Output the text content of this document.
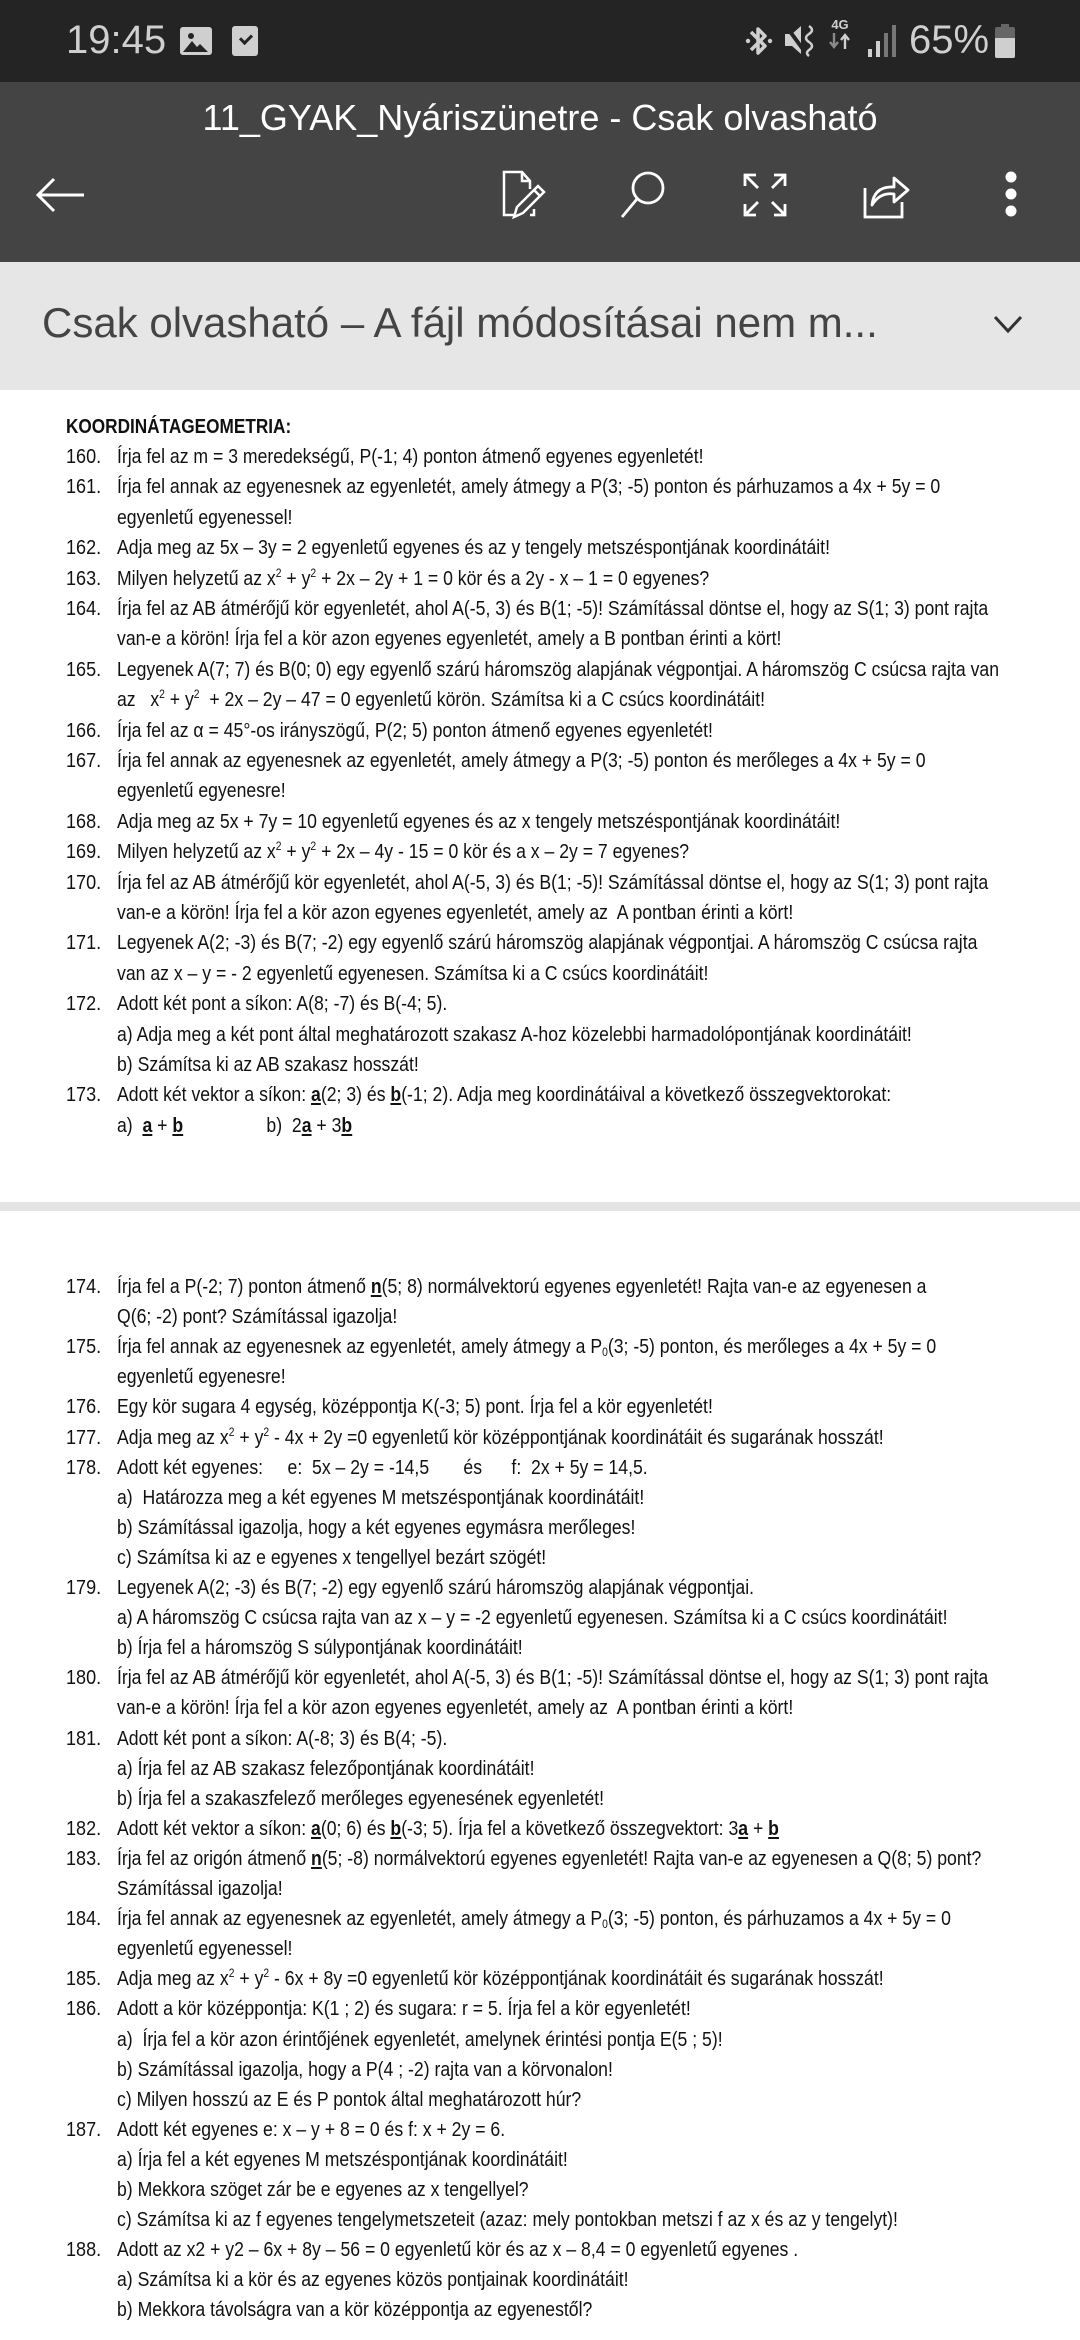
19:45	4G 65%
11_GYAK_Nyáriszünetre - Csak olvasható
Csak olvasható – A fájl módosításai nem m...
KOORDINÁTAGEOMETRIA:
160. Írja fel az m = 3 meredekségű, P(-1; 4) ponton átmenő egyenes egyenletét!
161. Írja fel annak az egyenesnek az egyenletét, amely átmegy a P(3; -5) ponton és párhuzamos a 4x + 5y = 0
egyenletű egyenessel!
162. Adja meg az 5x – 3y = 2 egyenletű egyenes és az y tengely metszéspontjának koordinátáit!
163. Milyen helyzetű az $x^2 + y^2 + 2x - 2y + 1 = 0$ kör és a 2y - x – 1 = 0 egyenes?
164. Írja fel az AB átmérőjű kör egyenletét, ahol A(-5, 3) és B(1; -5)! Számítással döntse el, hogy az S(1; 3) pont rajta
van-e a körön! Írja fel a kör azon egyenes egyenletét, amely a B pontban érinti a kört!
165. Legyenek A(7; 7) és B(0; 0) egy egyenlő szárú háromszög alapjának végpontjai. A háromszög C csúcsa rajta van
az   $x^2 + y^2 + 2x - 2y - 47 = 0$ egyenletű körön. Számítsa ki a C csúcs koordinátáit!
166. Írja fel az α = 45°-os irányszögű, P(2; 5) ponton átmenő egyenes egyenletét!
167. Írja fel annak az egyenesnek az egyenletét, amely átmegy a P(3; -5) ponton és merőleges a 4x + 5y = 0
egyenletű egyenesre!
168. Adja meg az 5x + 7y = 10 egyenletű egyenes és az x tengely metszéspontjának koordinátáit!
169. Milyen helyzetű az $x^2 + y^2 + 2x - 4y - 15 = 0$ kör és a x – 2y = 7 egyenes?
170. Írja fel az AB átmérőjű kör egyenletét, ahol A(-5, 3) és B(1; -5)! Számítással döntse el, hogy az S(1; 3) pont rajta
van-e a körön! Írja fel a kör azon egyenes egyenletét, amely az  A pontban érinti a kört!
171. Legyenek A(2; -3) és B(7; -2) egy egyenlő szárú háromszög alapjának végpontjai. A háromszög C csúcsa rajta
van az x – y = - 2 egyenletű egyenesen. Számítsa ki a C csúcs koordinátáit!
172. Adott két pont a síkon: A(8; -7) és B(-4; 5).
a) Adja meg a két pont által meghatározott szakasz A-hoz közelebbi harmadolópontjának koordinátáit!
b) Számítsa ki az AB szakasz hosszát!
173. Adott két vektor a síkon: a(2; 3) és b(-1; 2). Adja meg koordinátáival a következő összegvektorokat:
a)  a + b                 b)  2a + 3b
174. Írja fel a P(-2; 7) ponton átmenő n(5; 8) normálvektorú egyenes egyenletét! Rajta van-e az egyenesen a
Q(6; -2) pont? Számítással igazolja!
175. Írja fel annak az egyenesnek az egyenletét, amely átmegy a $P_0(3$; -5) ponton, és merőleges a 4x + 5y = 0
egyenletű egyenesre!
176. Egy kör sugara 4 egység, középpontja K(-3; 5) pont. Írja fel a kör egyenletét!
177. Adja meg az $x^2 + y^2 - 4x + 2y =0$ egyenletű kör középpontjának koordinátáit és sugarának hosszát!
178. Adott két egyenes:     e:  5x – 2y = -14,5       és      f:  2x + 5y = 14,5.
a)  Határozza meg a két egyenes M metszéspontjának koordinátáit!
b) Számítással igazolja, hogy a két egyenes egymásra merőleges!
c) Számítsa ki az e egyenes x tengellyel bezárt szögét!
179. Legyenek A(2; -3) és B(7; -2) egy egyenlő szárú háromszög alapjának végpontjai.
a) A háromszög C csúcsa rajta van az x – y = -2 egyenletű egyenesen. Számítsa ki a C csúcs koordinátáit!
b) Írja fel a háromszög S súlypontjának koordinátáit!
180. Írja fel az AB átmérőjű kör egyenletét, ahol A(-5, 3) és B(1; -5)! Számítással döntse el, hogy az S(1; 3) pont rajta
van-e a körön! Írja fel a kör azon egyenes egyenletét, amely az  A pontban érinti a kört!
181. Adott két pont a síkon: A(-8; 3) és B(4; -5).
a) Írja fel az AB szakasz felezőpontjának koordinátáit!
b) Írja fel a szakaszfelező merőleges egyenesének egyenletét!
182. Adott két vektor a síkon: a(0; 6) és b(-3; 5). Írja fel a következő összegvektort: 3a + b
183. Írja fel az origón átmenő n(5; -8) normálvektorú egyenes egyenletét! Rajta van-e az egyenesen a Q(8; 5) pont?
Számítással igazolja!
184. Írja fel annak az egyenesnek az egyenletét, amely átmegy a $P_0(3$; -5) ponton, és párhuzamos a 4x + 5y = 0
egyenletű egyenessel!
185. Adja meg az $x^2 + y^2 - 6x + 8y =0$ egyenletű kör középpontjának koordinátáit és sugarának hosszát!
186. Adott a kör középpontja: K(1 ; 2) és sugara: r = 5. Írja fel a kör egyenletét!
a)  Írja fel a kör azon érintőjének egyenletét, amelynek érintési pontja E(5 ; 5)!
b) Számítással igazolja, hogy a P(4 ; -2) rajta van a körvonalon!
c) Milyen hosszú az E és P pontok által meghatározott húr?
187. Adott két egyenes e: x – y + 8 = 0 és f: x + 2y = 6.
a) Írja fel a két egyenes M metszéspontjának koordinátáit!
b) Mekkora szöget zár be e egyenes az x tengellyel?
c) Számítsa ki az f egyenes tengelymetszeteit (azaz: mely pontokban metszi f az x és az y tengelyt)!
188. Adott az x2 + y2 – 6x + 8y – 56 = 0 egyenletű kör és az x – 8,4 = 0 egyenletű egyenes .
a) Számítsa ki a kör és az egyenes közös pontjainak koordinátáit!
b) Mekkora távolságra van a kör középpontja az egyenestől?
